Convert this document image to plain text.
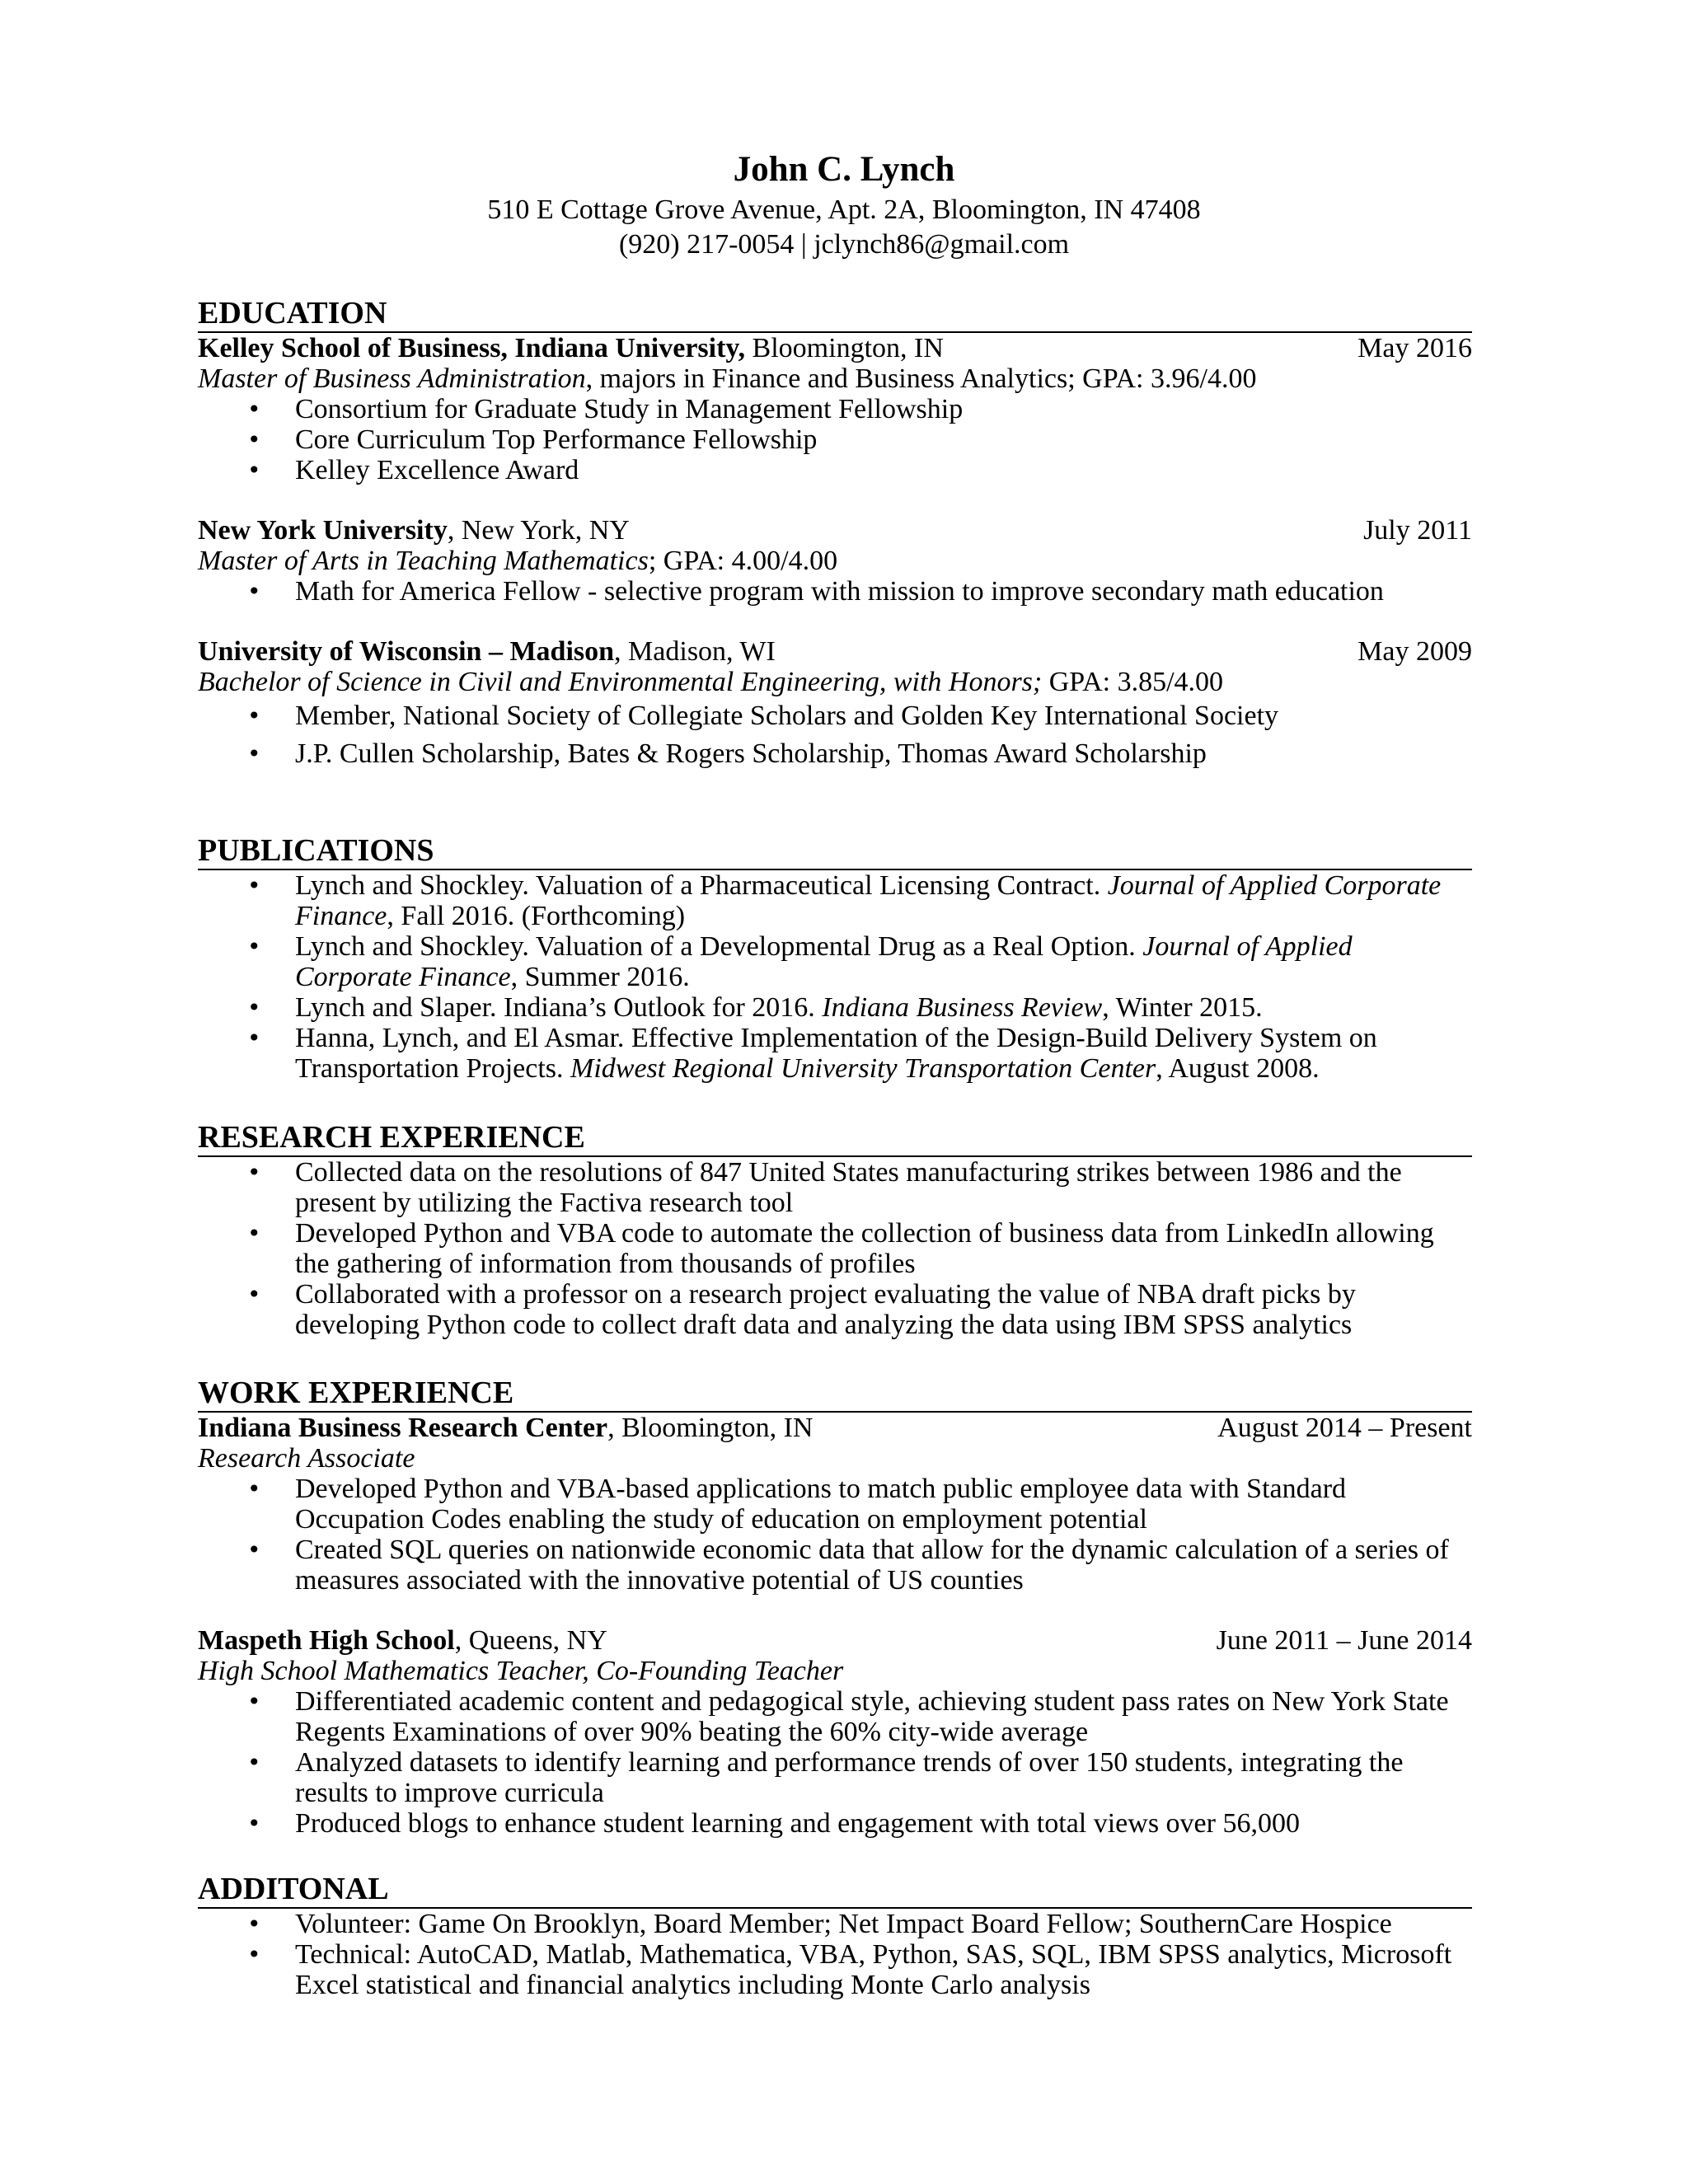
John C. Lynch
510 E Cottage Grove Avenue, Apt. 2A, Bloomington, IN 47408
(920) 217-0054 | jclynch86@gmail.com
EDUCATION
Kelley School of Business, Indiana University, Bloomington, IN	May 2016
Master of Business Administration, majors in Finance and Business Analytics; GPA: 3.96/4.00
• Consortium for Graduate Study in Management Fellowship
• Core Curriculum Top Performance Fellowship
• Kelley Excellence Award
New York University, New York, NY	July 2011
Master of Arts in Teaching Mathematics; GPA: 4.00/4.00
• Math for America Fellow - selective program with mission to improve secondary math education
University of Wisconsin – Madison, Madison, WI	May 2009
Bachelor of Science in Civil and Environmental Engineering, with Honors; GPA: 3.85/4.00
• Member, National Society of Collegiate Scholars and Golden Key International Society
• J.P. Cullen Scholarship, Bates & Rogers Scholarship, Thomas Award Scholarship
PUBLICATIONS
• Lynch and Shockley. Valuation of a Pharmaceutical Licensing Contract. Journal of Applied Corporate Finance, Fall 2016. (Forthcoming)
• Lynch and Shockley. Valuation of a Developmental Drug as a Real Option. Journal of Applied Corporate Finance, Summer 2016.
• Lynch and Slaper. Indiana’s Outlook for 2016. Indiana Business Review, Winter 2015.
• Hanna, Lynch, and El Asmar. Effective Implementation of the Design-Build Delivery System on Transportation Projects. Midwest Regional University Transportation Center, August 2008.
RESEARCH EXPERIENCE
• Collected data on the resolutions of 847 United States manufacturing strikes between 1986 and the present by utilizing the Factiva research tool
• Developed Python and VBA code to automate the collection of business data from LinkedIn allowing the gathering of information from thousands of profiles
• Collaborated with a professor on a research project evaluating the value of NBA draft picks by developing Python code to collect draft data and analyzing the data using IBM SPSS analytics
WORK EXPERIENCE
Indiana Business Research Center, Bloomington, IN	August 2014 – Present
Research Associate
• Developed Python and VBA-based applications to match public employee data with Standard Occupation Codes enabling the study of education on employment potential
• Created SQL queries on nationwide economic data that allow for the dynamic calculation of a series of measures associated with the innovative potential of US counties
Maspeth High School, Queens, NY	June 2011 – June 2014
High School Mathematics Teacher, Co-Founding Teacher
• Differentiated academic content and pedagogical style, achieving student pass rates on New York State Regents Examinations of over 90% beating the 60% city-wide average
• Analyzed datasets to identify learning and performance trends of over 150 students, integrating the results to improve curricula
• Produced blogs to enhance student learning and engagement with total views over 56,000
ADDITONAL
• Volunteer: Game On Brooklyn, Board Member; Net Impact Board Fellow; SouthernCare Hospice
• Technical: AutoCAD, Matlab, Mathematica, VBA, Python, SAS, SQL, IBM SPSS analytics, Microsoft Excel statistical and financial analytics including Monte Carlo analysis
